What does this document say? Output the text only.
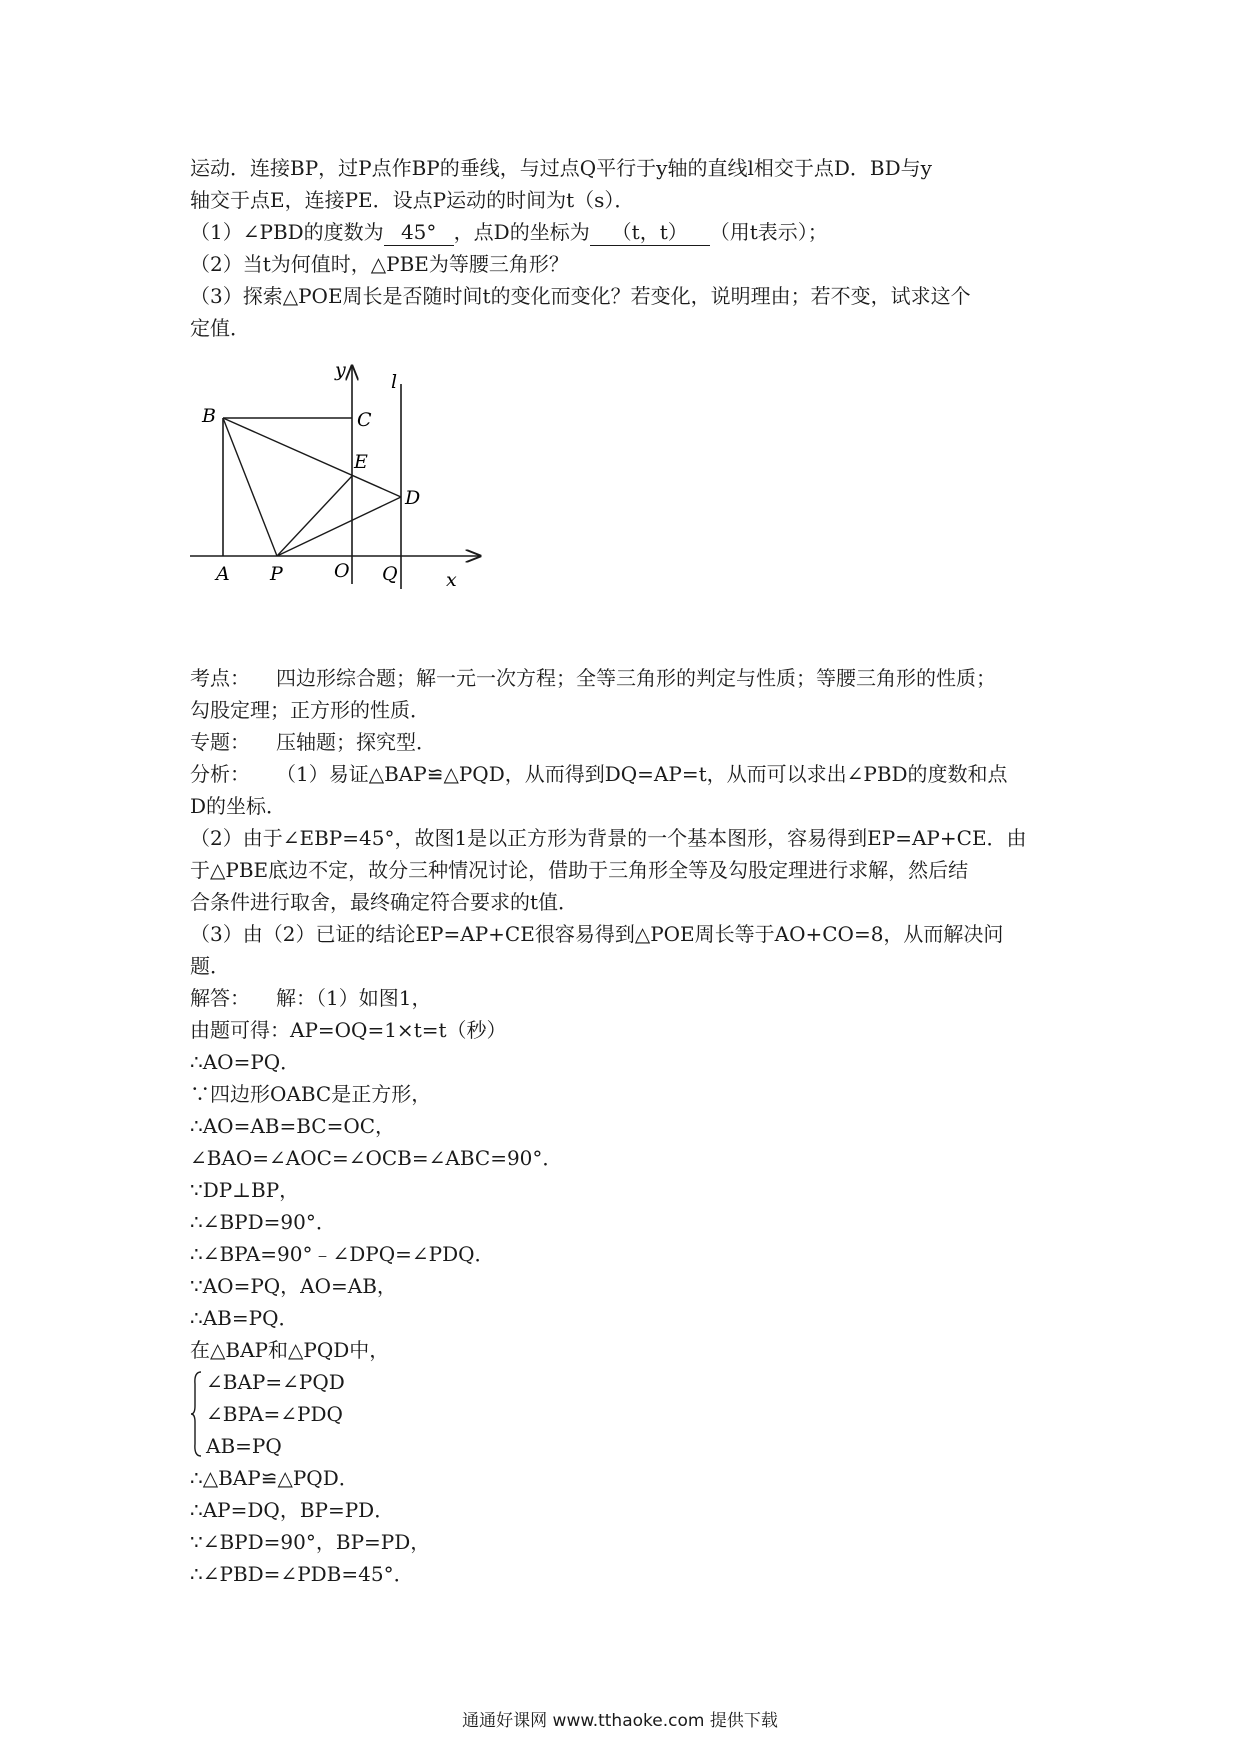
运动．连接BP，过P点作BP的垂线，与过点Q平行于y轴的直线l相交于点D．BD与y
轴交于点E，连接PE．设点P运动的时间为t（s）．
（1）∠PBD的度数为 45° ，点D的坐标为 （t，t） （用t表示）；
（2）当t为何值时，△PBE为等腰三角形？
（3）探索△POE周长是否随时间t的变化而变化？若变化，说明理由；若不变，试求这个
定值．
B	C
y
l
E
D
A P	O Q	x
考点： 四边形综合题；解一元一次方程；全等三角形的判定与性质；等腰三角形的性质；
勾股定理；正方形的性质．
专题： 压轴题；探究型．
分析： （1）易证△BAP≌△PQD，从而得到DQ=AP=t，从而可以求出∠PBD的度数和点
D的坐标．
（2）由于∠EBP=45°，故图1是以正方形为背景的一个基本图形，容易得到EP=AP+CE．由
于△PBE底边不定，故分三种情况讨论，借助于三角形全等及勾股定理进行求解，然后结
合条件进行取舍，最终确定符合要求的t值．
（3）由（2）已证的结论EP=AP+CE很容易得到△POE周长等于AO+CO=8，从而解决问
题．
解答： 解：（1）如图1，
由题可得：AP=OQ=1×t=t（秒）
∴AO=PQ．
∵四边形OABC是正方形，
∴AO=AB=BC=OC，
∠BAO=∠AOC=∠OCB=∠ABC=90°．
∵DP⊥BP，
∴∠BPD=90°．
∴∠BPA=90°﹣∠DPQ=∠PDQ．
∵AO=PQ，AO=AB，
∴AB=PQ．
在△BAP和△PQD中，
∠BAP=∠PQD
∠BPA=∠PDQ
AB=PQ
∴△BAP≌△PQD．
∴AP=DQ，BP=PD．
∵∠BPD=90°，BP=PD，
∴∠PBD=∠PDB=45°．
通通好课网 www.tthaoke.com 提供下载
